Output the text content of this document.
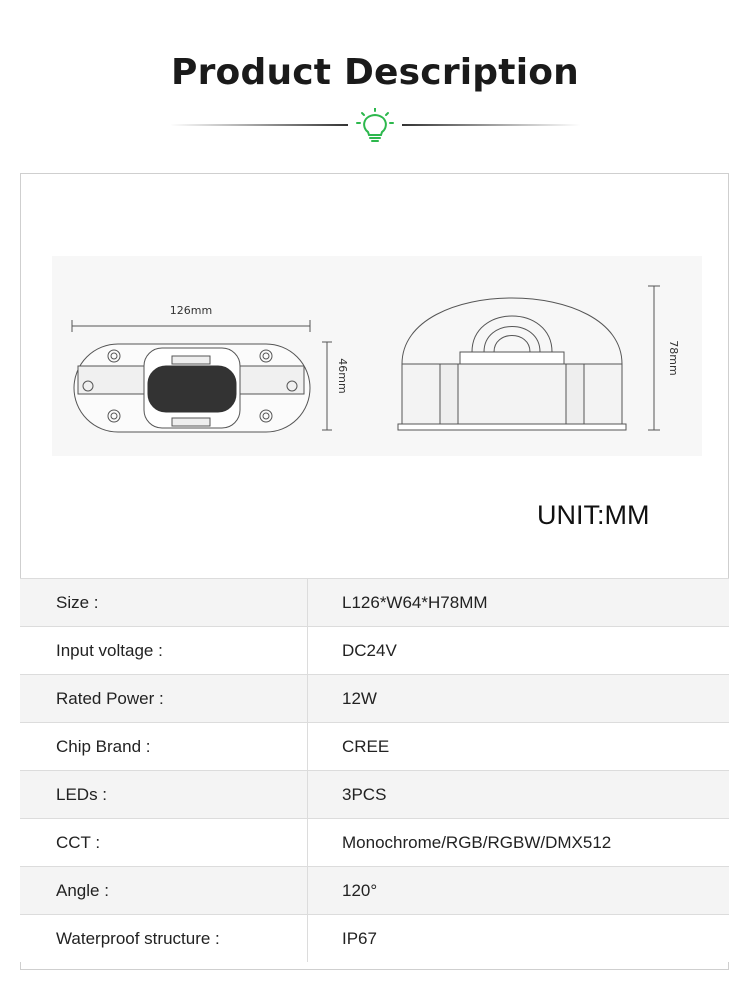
Product Description
126mm
46mm
78mm
UNIT:MM
Size :	L126*W64*H78MM
Input voltage :	DC24V
Rated Power :	12W
Chip Brand :	CREE
LEDs :	3PCS
CCT :	Monochrome/RGB/RGBW/DMX512
Angle :	120°
Waterproof structure :	IP67
